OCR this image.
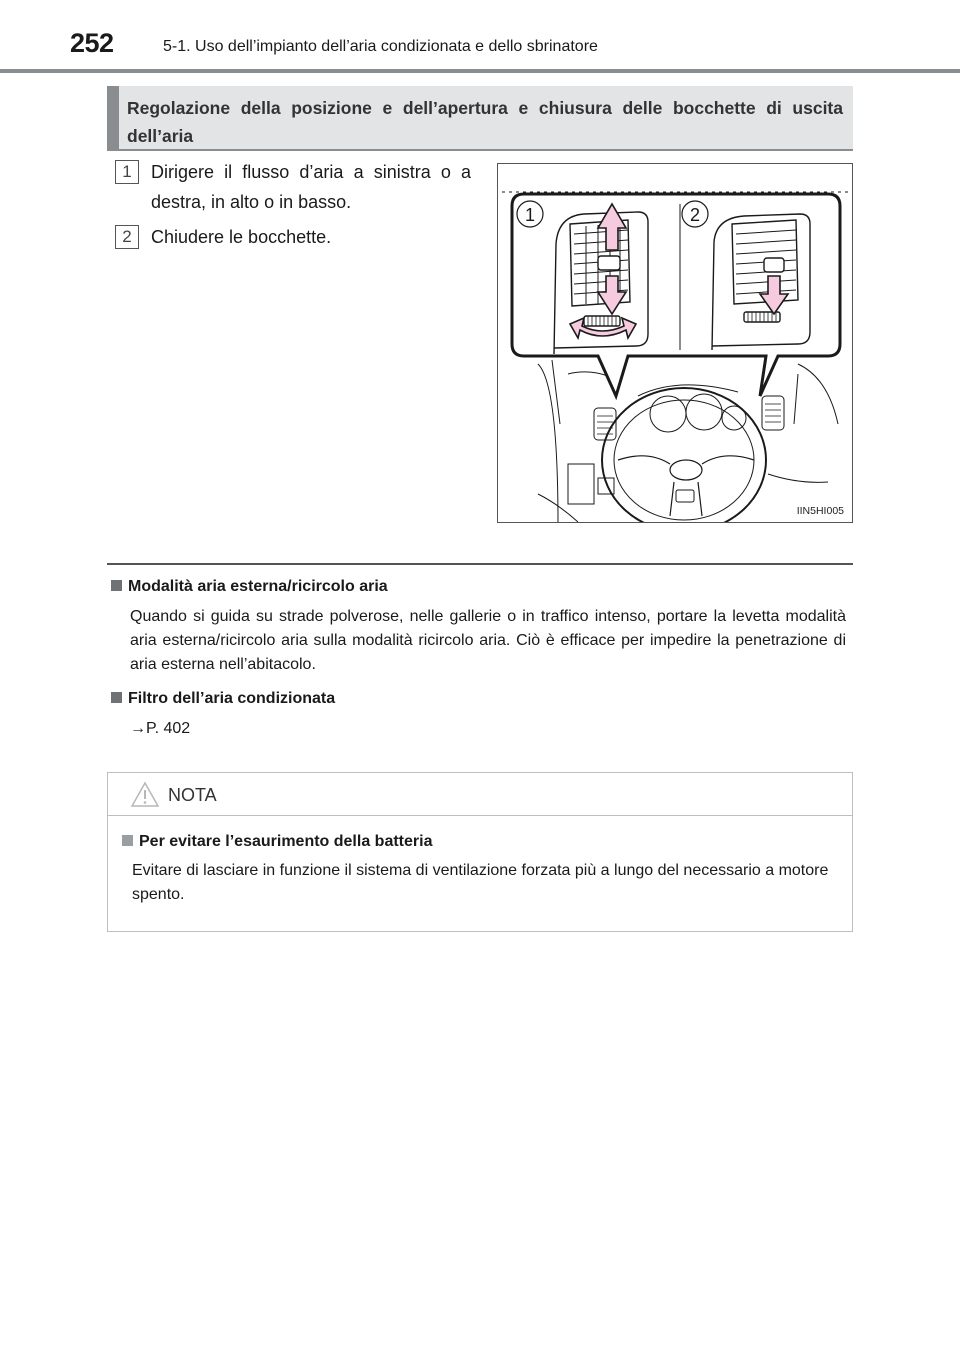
252	5-1. Uso dell’impianto dell’aria condizionata e dello sbrinatore
Regolazione della posizione e dell’apertura e chiusura delle bocchette di uscita dell’aria
1	Dirigere il flusso d’aria a sinistra o a destra, in alto o in basso.
2	Chiudere le bocchette.
1	2
IIN5HI005
Modalità aria esterna/ricircolo aria
Quando si guida su strade polverose, nelle gallerie o in traffico intenso, portare la levetta modalità aria esterna/ricircolo aria sulla modalità ricircolo aria. Ciò è efficace per impedire la penetrazione di aria esterna nell’abitacolo.
Filtro dell’aria condizionata
→P. 402
NOTA
Per evitare l’esaurimento della batteria
Evitare di lasciare in funzione il sistema di ventilazione forzata più a lungo del necessario a motore spento.
